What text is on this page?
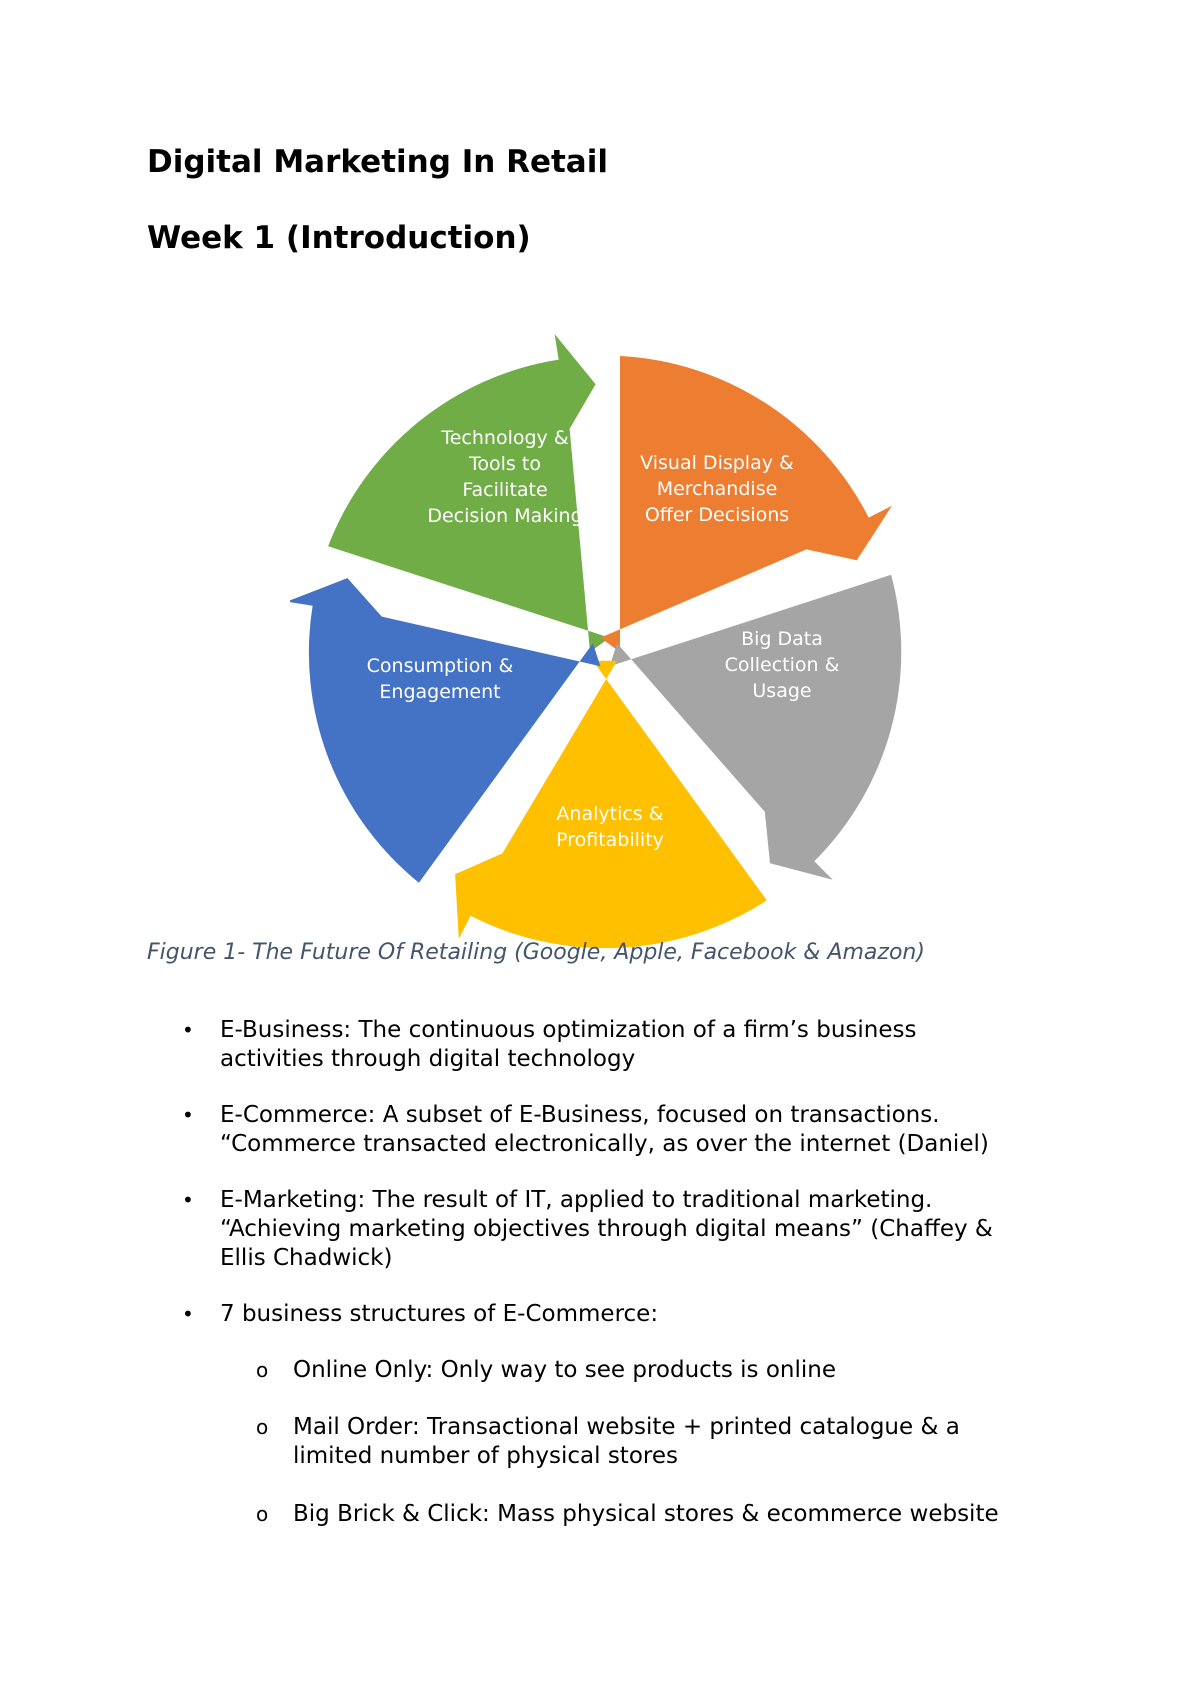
Digital Marketing In Retail
Week 1 (Introduction)
Technology & Tools to Facilitate Decision Making
Visual Display & Merchandise Offer Decisions
Big Data Collection & Usage
Analytics & Profitability
Consumption & Engagement

Figure 1- The Future Of Retailing (Google, Apple, Facebook & Amazon)

• E-Business: The continuous optimization of a firm’s business
activities through digital technology
• E-Commerce: A subset of E-Business, focused on transactions.
“Commerce transacted electronically, as over the internet (Daniel)
• E-Marketing: The result of IT, applied to traditional marketing.
“Achieving marketing objectives through digital means” (Chaffey &
Ellis Chadwick)
• 7 business structures of E-Commerce:
o Online Only: Only way to see products is online
o Mail Order: Transactional website + printed catalogue & a
limited number of physical stores
o Big Brick & Click: Mass physical stores & ecommerce website
